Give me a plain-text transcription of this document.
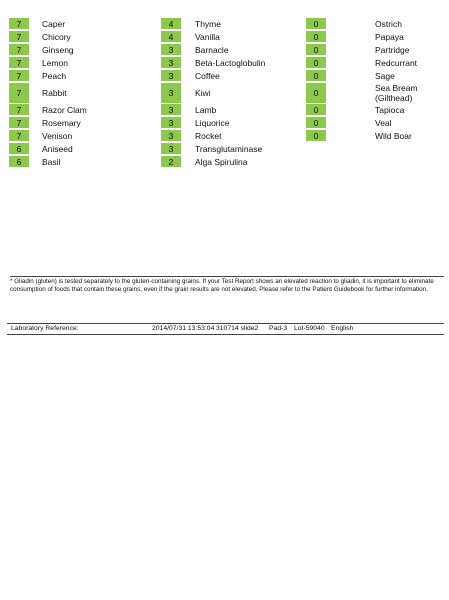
7	Caper	4	Thyme	0	Ostrich
7	Chicory	4	Vanilla	0	Papaya
7	Ginseng	3	Barnacle	0	Partridge
7	Lemon	3	Beta-Lactoglobulin	0	Redcurrant
7	Peach	3	Coffee	0	Sage
7	Rabbit	3	Kiwi	0	Sea Bream
(Gilthead)
7	Razor Clam	3	Lamb	0	Tapioca
7	Rosemary	3	Liquorice	0	Veal
7	Venison	3	Rocket	0	Wild Boar
6	Aniseed	3	Transglutaminase
6	Basil	2	Alga Spirulina
* Gliadin (gluten) is tested separately to the gluten-containing grains. If your Test Report shows an elevated reaction to gliadin, it is important to eliminate consumption of foods that contain these grains, even if the grain results are not elevated. Please refer to the Patient Guidebook for further information.
Laboratory Reference:	2014/07/31 13:53:04 310714 slide2 Pad-3 Lot-59040 English
